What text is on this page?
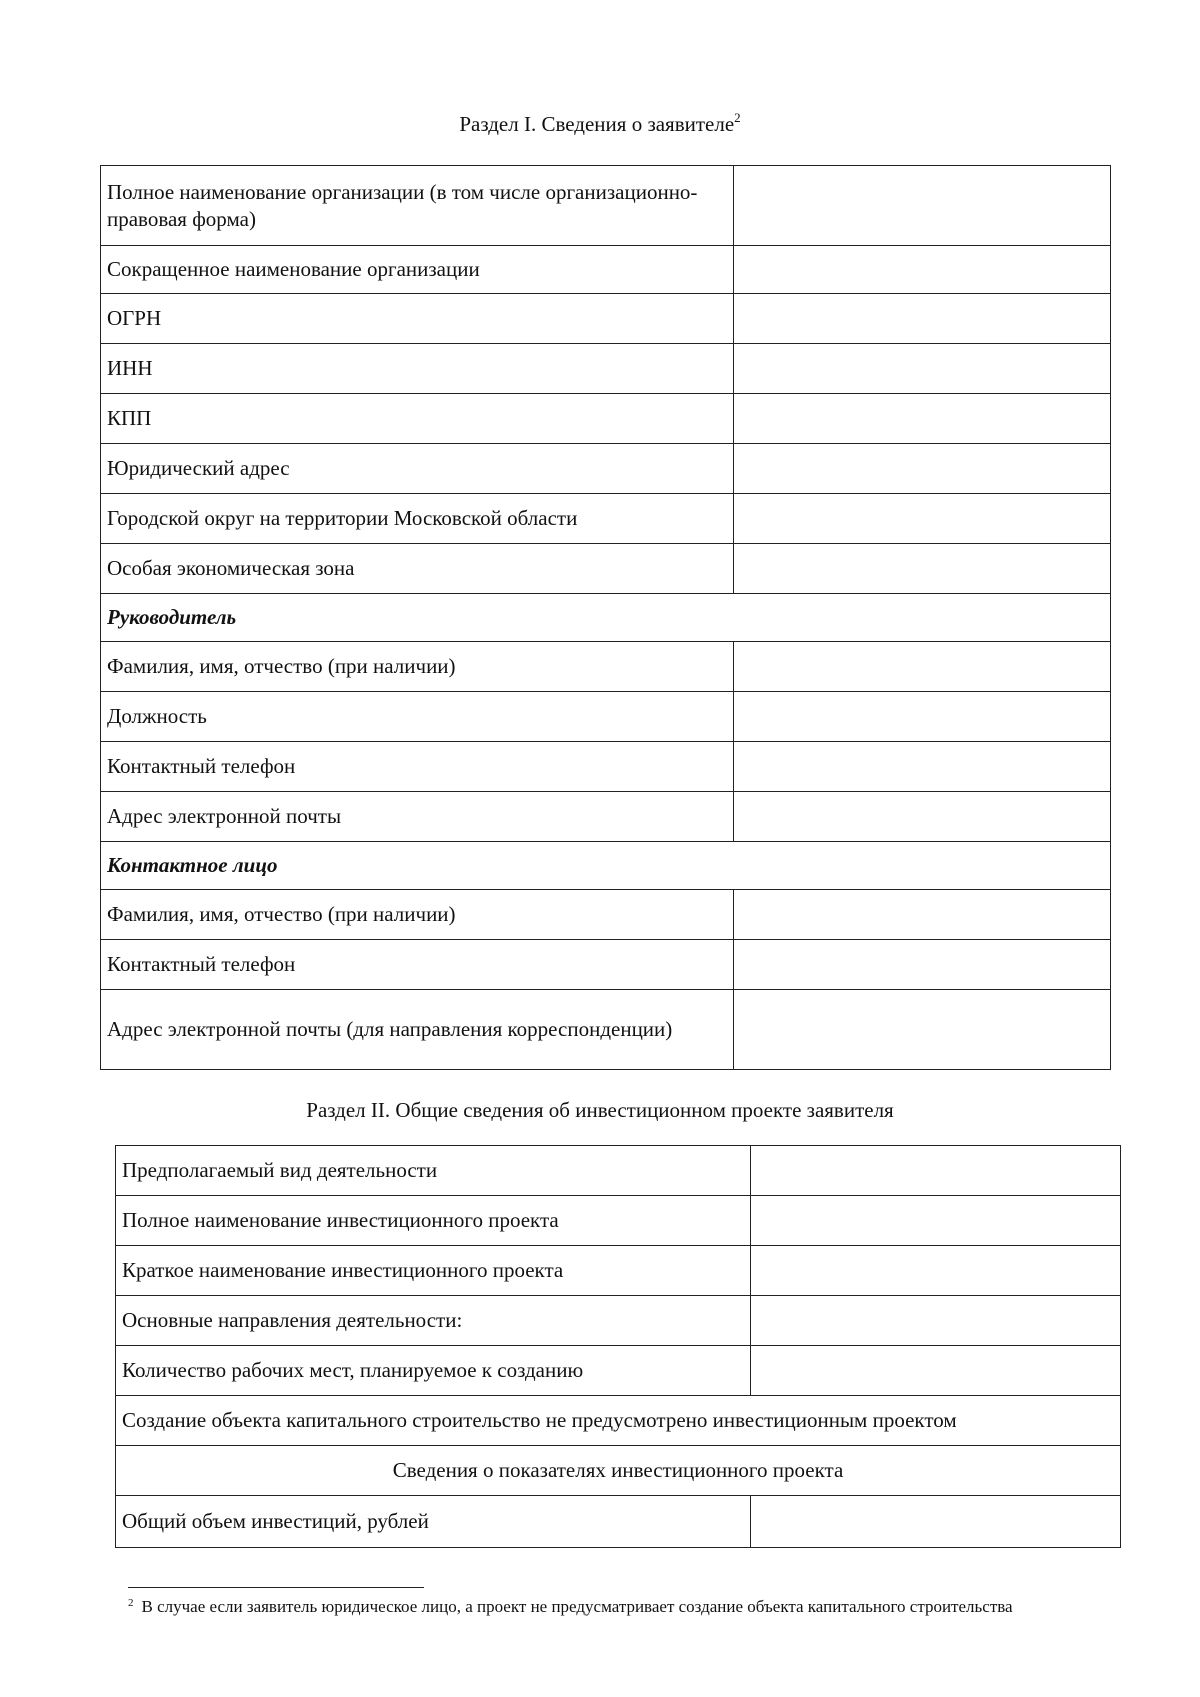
Раздел I. Сведения о заявителе$^2$
Полное наименование организации (в том числе организационно-правовая форма)	
Сокращенное наименование организации	
ОГРН	
ИНН	
КПП	
Юридический адрес	
Городской округ на территории Московской области	
Особая экономическая зона	
Руководитель	
Фамилия, имя, отчество (при наличии)	
Должность	
Контактный телефон	
Адрес электронной почты	
Контактное лицо	
Фамилия, имя, отчество (при наличии)	
Контактный телефон	
Адрес электронной почты (для направления корреспонденции)	
Раздел II. Общие сведения об инвестиционном проекте заявителя
Предполагаемый вид деятельности	
Полное наименование инвестиционного проекта	
Краткое наименование инвестиционного проекта	
Основные направления деятельности:	
Количество рабочих мест, планируемое к созданию	
Создание объекта капитального строительство не предусмотрено инвестиционным проектом	
Сведения о показателях инвестиционного проекта	
Общий объем инвестиций, рублей	
$^2$ В случае если заявитель юридическое лицо, а проект не предусматривает создание объекта капитального строительства
